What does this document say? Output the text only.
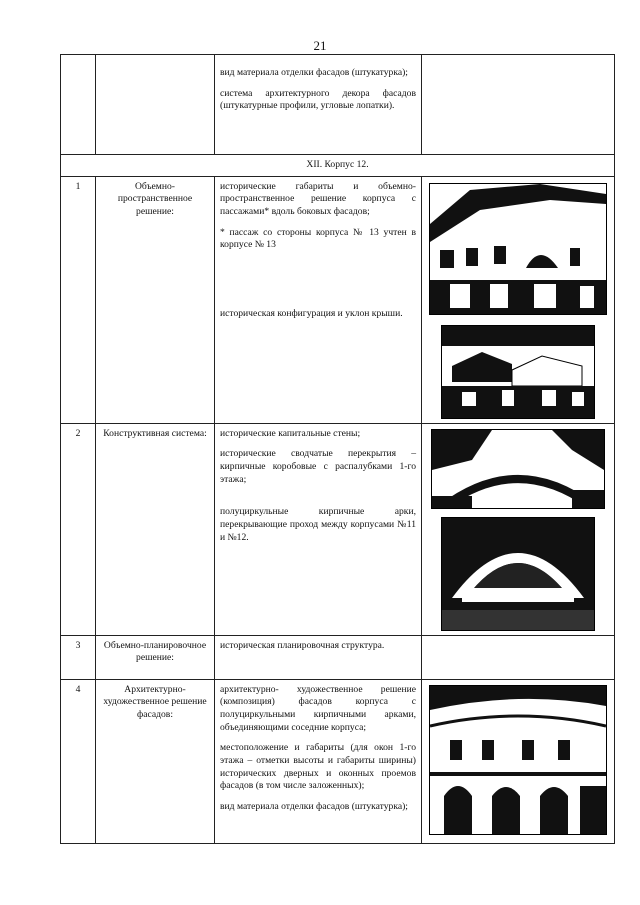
21

		вид материала отделки фасадов (штукатурка);

система архитектурного декора фасадов (штукатурные профили, угловые лопатки).	

XII. Корпус 12.			
1	Объемно-пространственное решение:	исторические габариты и объемно-пространственное решение корпуса с пассажами* вдоль боковых фасадов;

* пассаж со стороны корпуса № 13 учтен в корпусе № 13

историческая конфигурация и уклон крыши.

2	Конструктивная система:	исторические капитальные стены;

исторические сводчатые перекрытия – кирпичные коробовые с распалубками 1-го этажа;

полуциркульные кирпичные арки, перекрывающие проход между корпусами №11 и №12.

3	Объемно-планировочное решение:	историческая планировочная структура.	

4	Архитектурно-художественное решение фасадов:	архитектурно- художественное решение (композиция) фасадов корпуса с полуциркульными кирпичными арками, объединяющими соседние корпуса;

местоположение и габариты (для окон 1-го этажа – отметки высоты и габариты ширины) исторических дверных и оконных проемов фасадов (в том числе заложенных);

вид материала отделки фасадов (штукатурка);
